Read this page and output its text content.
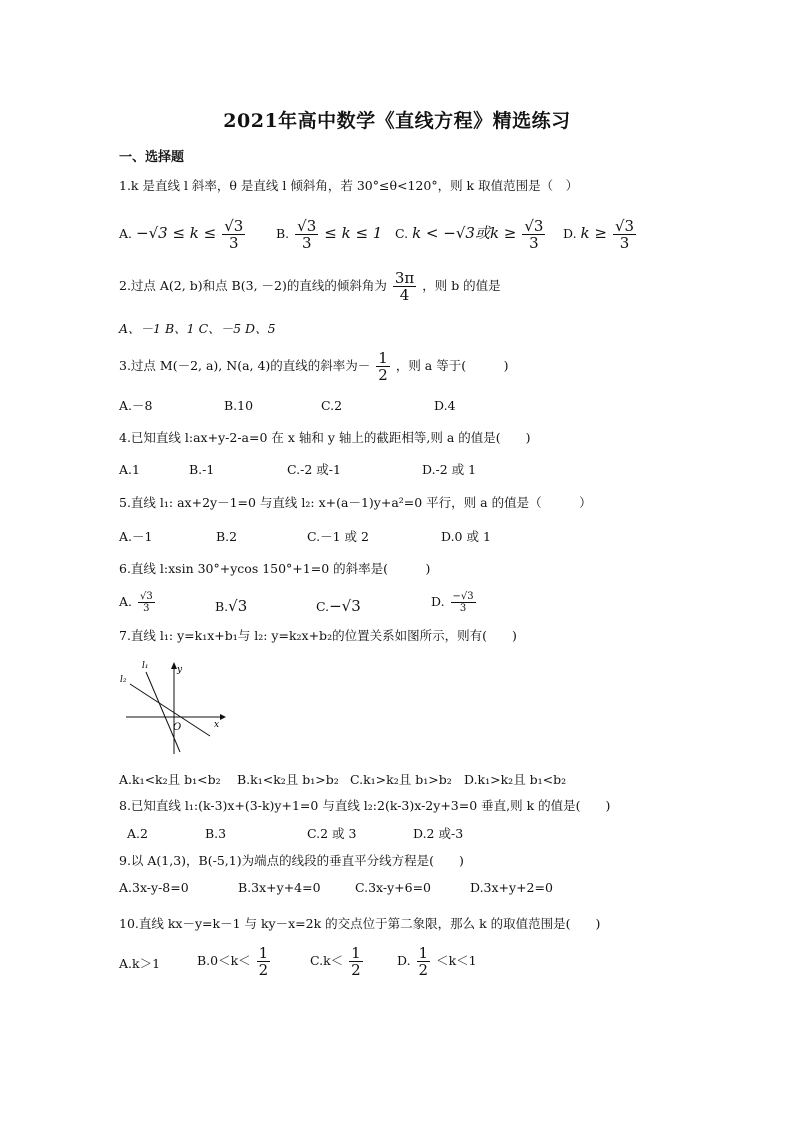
2021年高中数学《直线方程》精选练习
一、选择题
1.k 是直线 l 斜率，θ 是直线 l 倾斜角，若 30°≤θ<120°，则 k 取值范围是（　）
A. $-√3 \le k \le \frac{√3}{3} B$. $\frac{√3}{3} \le k \le 1$ C. k < −√3或$k \ge \frac{√3}{3} D$. $k \ge \frac{√3}{3}$
2.过点 A(2, b)和点 B(3, －2)的直线的倾斜角为 $\frac{3\pi}{4}$ ，则 b 的值是
A、－1 B、1 C、－5 D、5
3.过点 M(－2, a), N(a, 4)的直线的斜率为－ $\frac{1}{2}$ ，则 a 等于(　　　)
A.－8	B.10	C.2	D.4
4.已知直线 l:ax+y-2-a=0 在 x 轴和 y 轴上的截距相等,则 a 的值是(　　)
A.1	B.-1	C.-2 或-1	D.-2 或 1
5.直线 l₁: ax+2y－1=0 与直线 l₂: x+(a－1)y+a²=0 平行，则 a 的值是（　　　）
A.－1	B.2	C.－1 或 2	D.0 或 1
6.直线 l:xsin 30°+ycos 150°+1=0 的斜率是(　　　)
A. $\frac{√3}{3}$	B.√3	C.−√3	D. $\frac{-√3}{3}$
7.直线 l₁: y=k₁x+b₁与 l₂: y=k₂x+b₂的位置关系如图所示，则有(　　)
l₁
l₂
y
x
O
A.k₁<k₂且 b₁<b₂ B.k₁<k₂且 b₁>b₂ C.k₁>k₂且 b₁>b₂ D.k₁>k₂且 b₁<b₂
8.已知直线 l₁:(k-3)x+(3-k)y+1=0 与直线 l₂:2(k-3)x-2y+3=0 垂直,则 k 的值是(　　)
A.2	B.3	C.2 或 3	D.2 或-3
9.以 A(1,3)，B(-5,1)为端点的线段的垂直平分线方程是(　　)
A.3x-y-8=0	B.3x+y+4=0	C.3x-y+6=0	D.3x+y+2=0
10.直线 kx－y=k－1 与 ky－x=2k 的交点位于第二象限，那么 k 的取值范围是(　　)
A.k＞1	$B.0<k< \frac{1}{2}$	$C.k< \frac{1}{2}$	D. $\frac{1}{2} <k<1$
